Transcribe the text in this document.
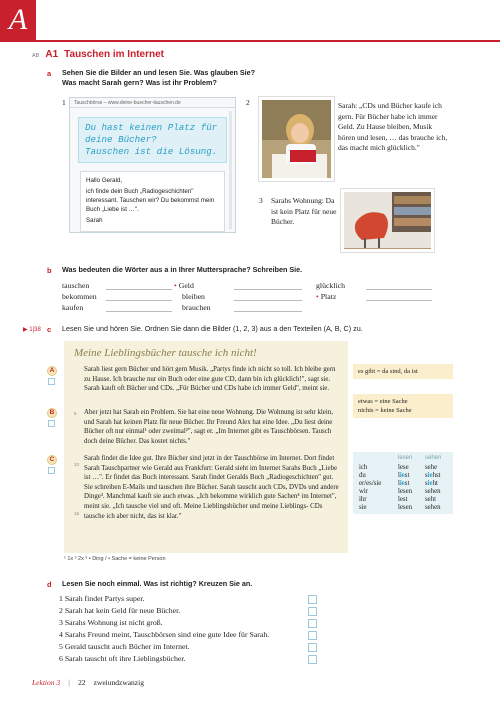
A
AB A1 Tauschen im Internet
a Sehen Sie die Bilder an und lesen Sie. Was glauben Sie?
Was macht Sarah gern? Was ist ihr Problem?
1	Tauschbörse – www.deine-buecher-tauschen.de
Du hast keinen Platz für deine Bücher?
Tauschen ist die Lösung.

Hallo Gerald,

ich finde dein Buch „Radiogeschichten" interessant. Tauschen wir? Du bekommst mein Buch „Liebe ist …".

Sarah

2	Sarah: „CDs und Bücher kaufe ich gern. Für Bücher habe ich immer Geld. Zu Hause bleiben, Musik hören und lesen, … das brauche ich, das macht mich glücklich."
3 Sarahs Wohnung: Da ist kein Platz für neue Bücher.
b Was bedeuten die Wörter aus a in Ihrer Muttersprache? Schreiben Sie.
tauschen	• Geld	glücklich
bekommen	bleiben	• Platz
kaufen	brauchen
▶ 1|38 c Lesen Sie und hören Sie. Ordnen Sie dann die Bilder (1, 2, 3) aus a den Texteilen (A, B, C) zu.
A
B
C
Meine Lieblingsbücher tausche ich nicht!
Sarah liest gern Bücher und hört gern Musik. „Partys finde ich nicht so toll. Ich bleibe gern zu Hause. Ich brauche nur ein Buch oder eine gute CD, dann bin ich glücklich!", sagt sie. Sarah kauft oft Bücher und CDs. „Für Bücher und CDs habe ich immer Geld", meint sie.
5 Aber jetzt hat Sarah ein Problem. Sie hat eine neue Wohnung. Die Wohnung ist sehr klein, und Sarah hat keinen Platz für neue Bücher. Ihr Freund Alex hat eine Idee. „Du liest deine Bücher oft nur einmal¹ oder zweimal²", sagt er. „Im Internet gibt es Tauschbörsen. Tausch doch deine Bücher. Das kostet nichts."
10
Sarah findet die Idee gut. Ihre Bücher sind jetzt in der Tauschbörse im Internet. Dort findet Sarah Tauschpartner wie Gerald aus Frankfurt: Gerald sieht im Internet Sarahs Buch „Liebe ist …". Er findet das Buch interessant. Sarah findet Geralds Buch „Radiogeschichten" gut. Sie schreiben E-Mails und tauschen ihre Bücher. Sarah tauscht auch CDs, DVDs und andere Dinge³. Manchmal kauft sie auch etwas. „Ich bekomme wirklich gute Sachen⁴ im Internet", meint sie. „Ich tausche viel und oft. Meine Lieblingsbücher und meine Lieblings- CDs tausche ich aber nicht, das ist klar."
15
¹ 1x ² 2x ³ • Ding / • Sache = keine Person
es gibt = da sind, da ist
etwas = eine Sache
nichts = keine Sache
lesen sehen
ich	lese sehe
du	liest siehst
er/es/sie liest sieht
wir	lesen sehen
ihr	lest	seht
sie	lesen sehen
d Lesen Sie noch einmal. Was ist richtig? Kreuzen Sie an.
1 Sarah findet Partys super.
2 Sarah hat kein Geld für neue Bücher.
3 Sarahs Wohnung ist nicht groß.
4 Sarahs Freund meint, Tauschbörsen sind eine gute Idee für Sarah.
5 Gerald tauscht auch Bücher im Internet.
6 Sarah tauscht oft ihre Lieblingsbücher.
Lektion 3 | 22 zweiundzwanzig
